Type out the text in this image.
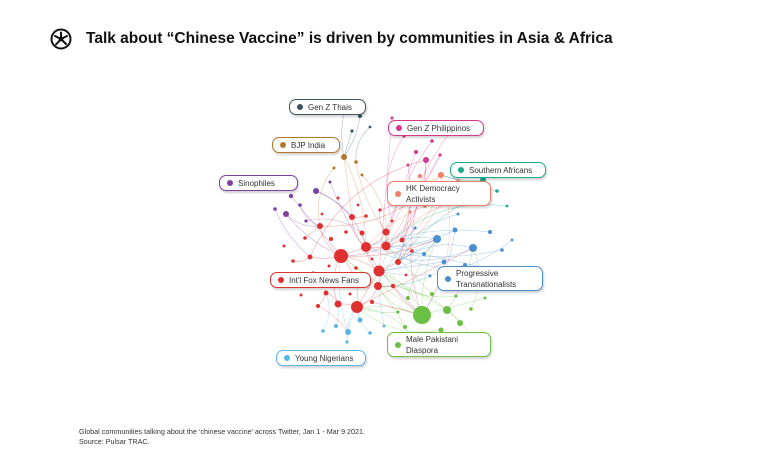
Talk about “Chinese Vaccine” is driven by communities in Asia & Africa
Gen Z Thais
Gen Z Philippinos
BJP India
Southern Africans
Sinophiles
HK Democracy
Activists
Progressive
Transnationalists
Int'l Fox News Fans
Male Pakistani
Diaspora
Young Nigerians
Global communities talking about the ‘chinese vaccine’ across Twitter, Jan 1 - Mar 9 2021.
Source: Pulsar TRAC.
